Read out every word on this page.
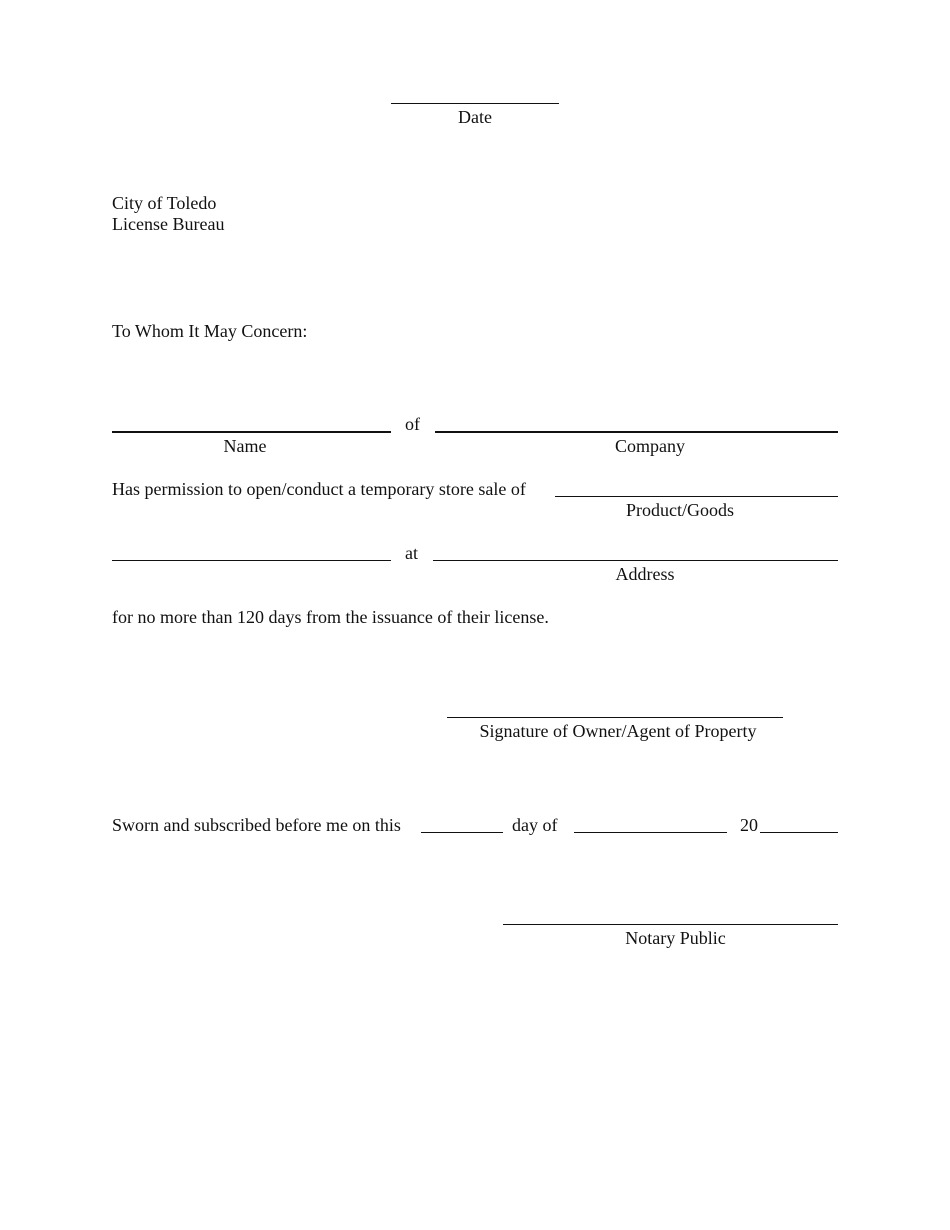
Date
City of Toledo
License Bureau
To Whom It May Concern:
of
Name	Company
Has permission to open/conduct a temporary store sale of
Product/Goods
at
Address
for no more than 120 days from the issuance of their license.
Signature of Owner/Agent of Property
Sworn and subscribed before me on this	day of	20
Notary Public
